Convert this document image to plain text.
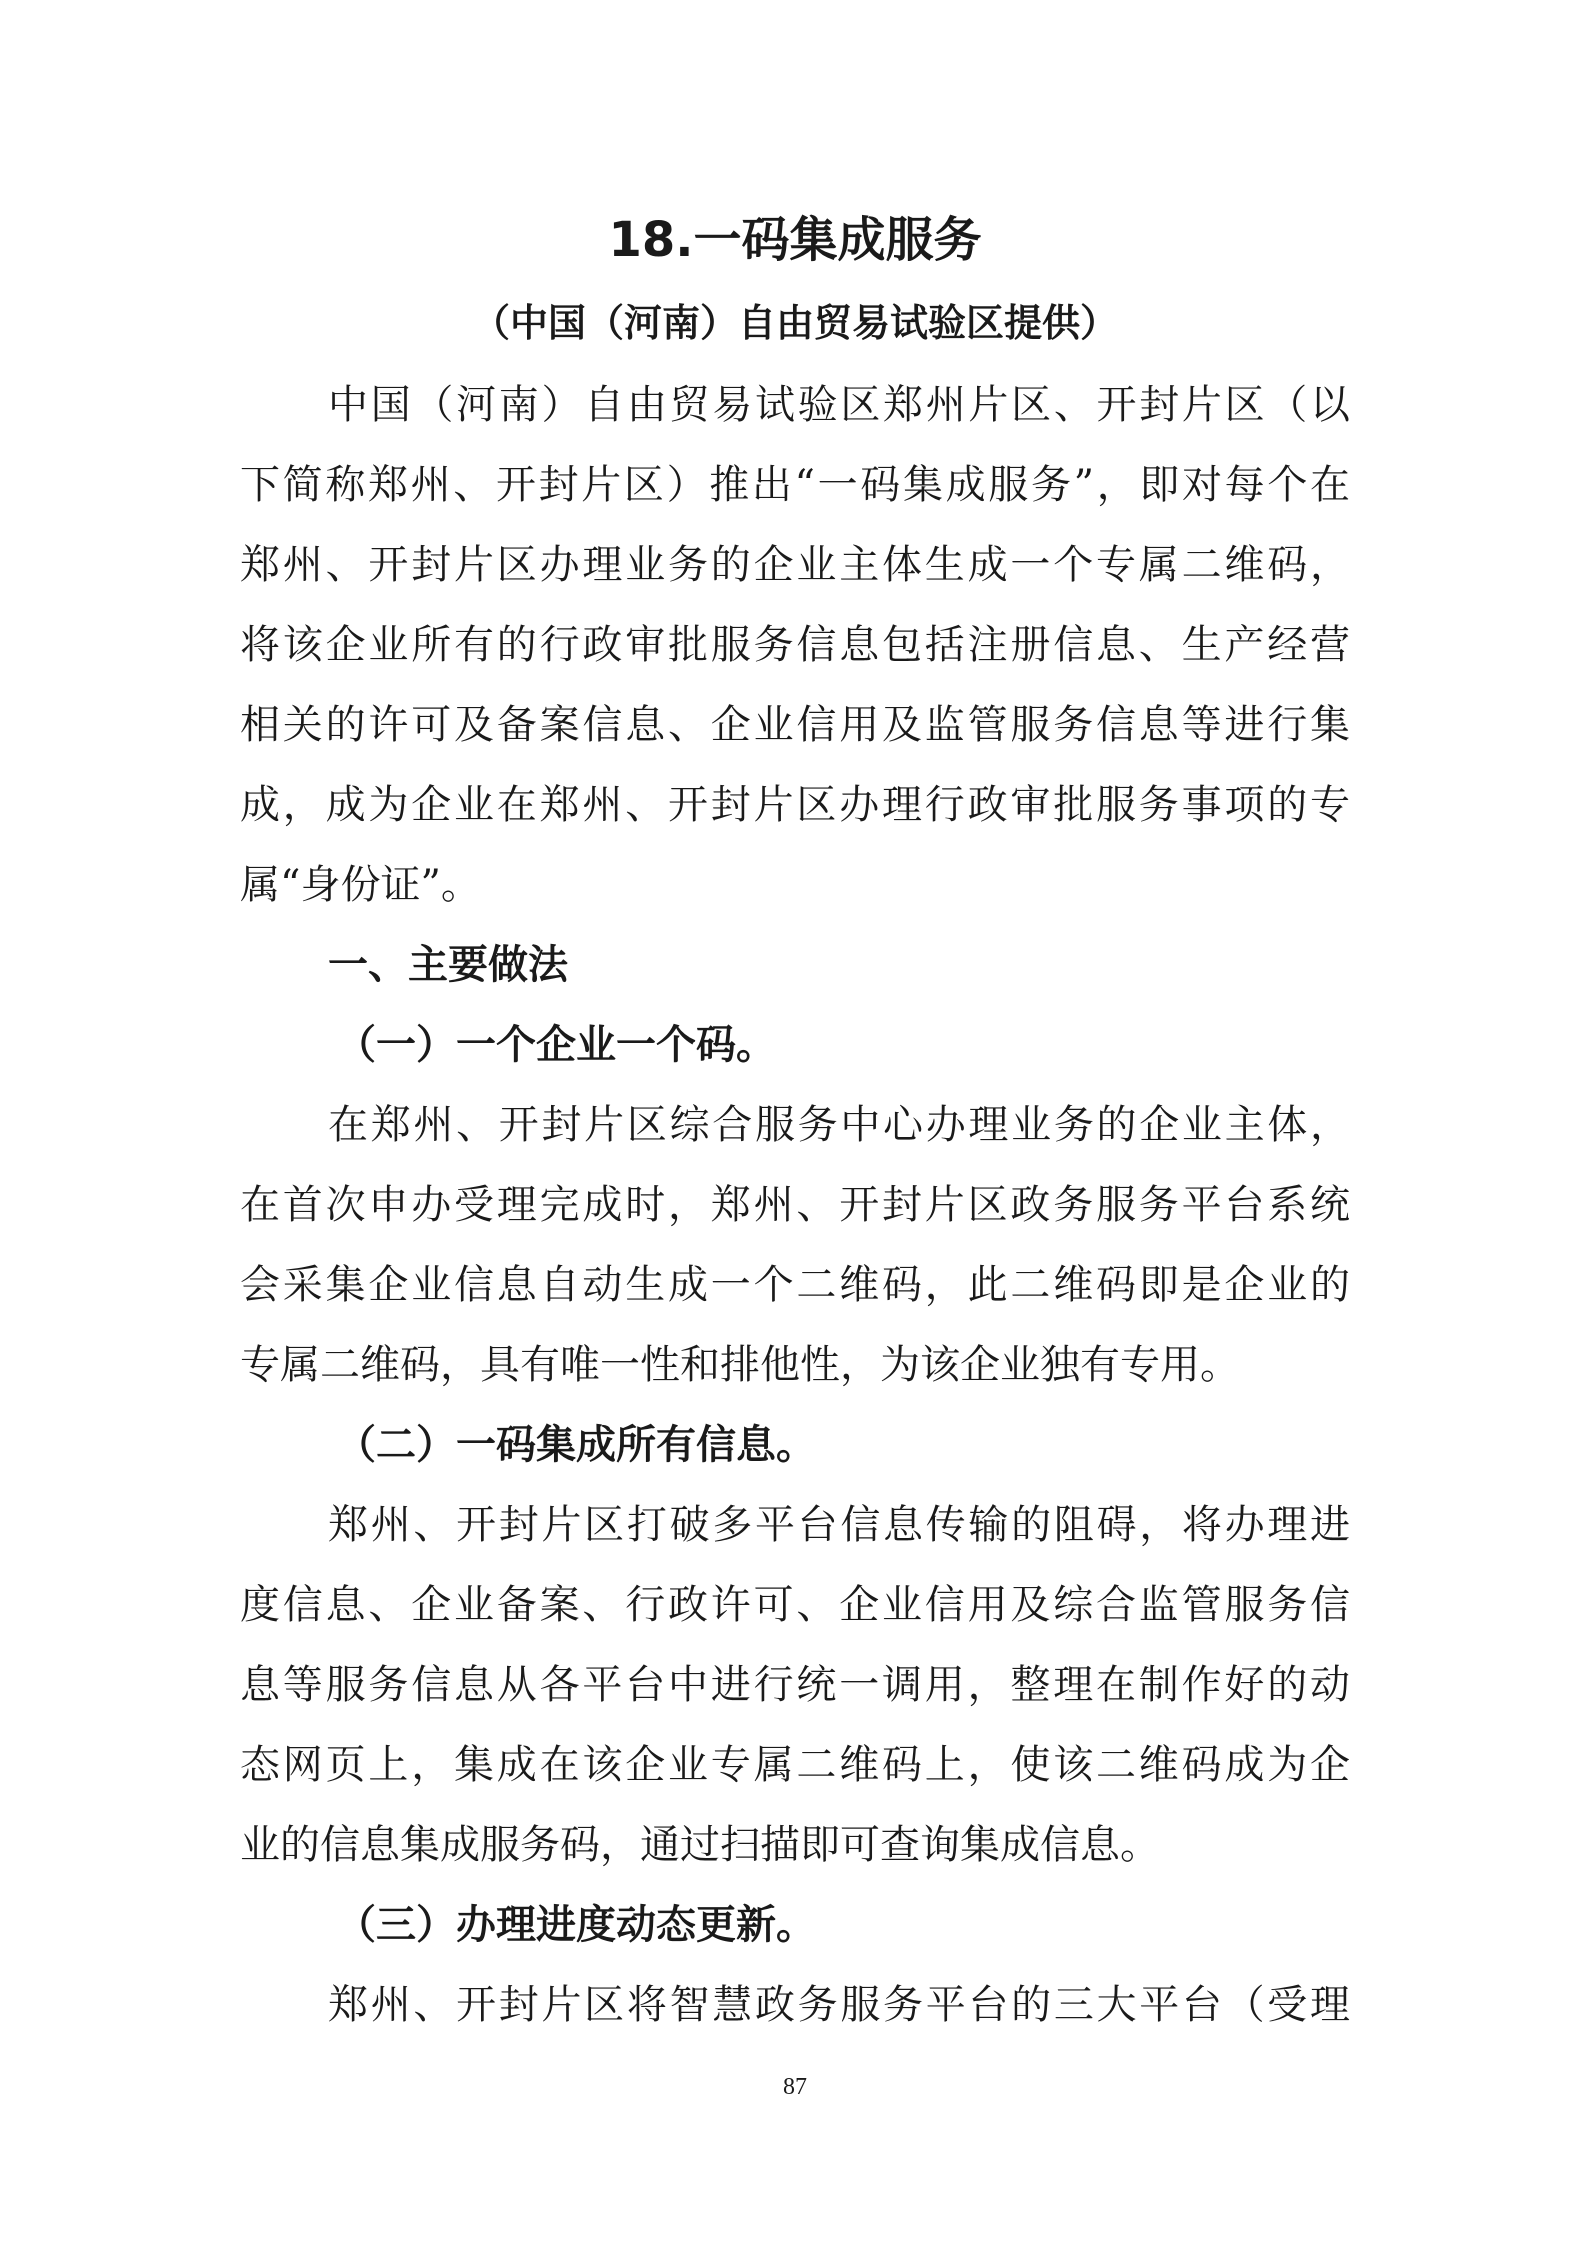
18.一码集成服务
（中国（河南）自由贸易试验区提供）
中国（河南）自由贸易试验区郑州片区、开封片区（以
下简称郑州、开封片区）推出“一码集成服务”，即对每个在
郑州、开封片区办理业务的企业主体生成一个专属二维码，
将该企业所有的行政审批服务信息包括注册信息、生产经营
相关的许可及备案信息、企业信用及监管服务信息等进行集
成，成为企业在郑州、开封片区办理行政审批服务事项的专
属“身份证”。
一、主要做法
（一）一个企业一个码。
在郑州、开封片区综合服务中心办理业务的企业主体，
在首次申办受理完成时，郑州、开封片区政务服务平台系统
会采集企业信息自动生成一个二维码，此二维码即是企业的
专属二维码，具有唯一性和排他性，为该企业独有专用。
（二）一码集成所有信息。
郑州、开封片区打破多平台信息传输的阻碍，将办理进
度信息、企业备案、行政许可、企业信用及综合监管服务信
息等服务信息从各平台中进行统一调用，整理在制作好的动
态网页上，集成在该企业专属二维码上，使该二维码成为企
业的信息集成服务码，通过扫描即可查询集成信息。
（三）办理进度动态更新。
郑州、开封片区将智慧政务服务平台的三大平台（受理
87
